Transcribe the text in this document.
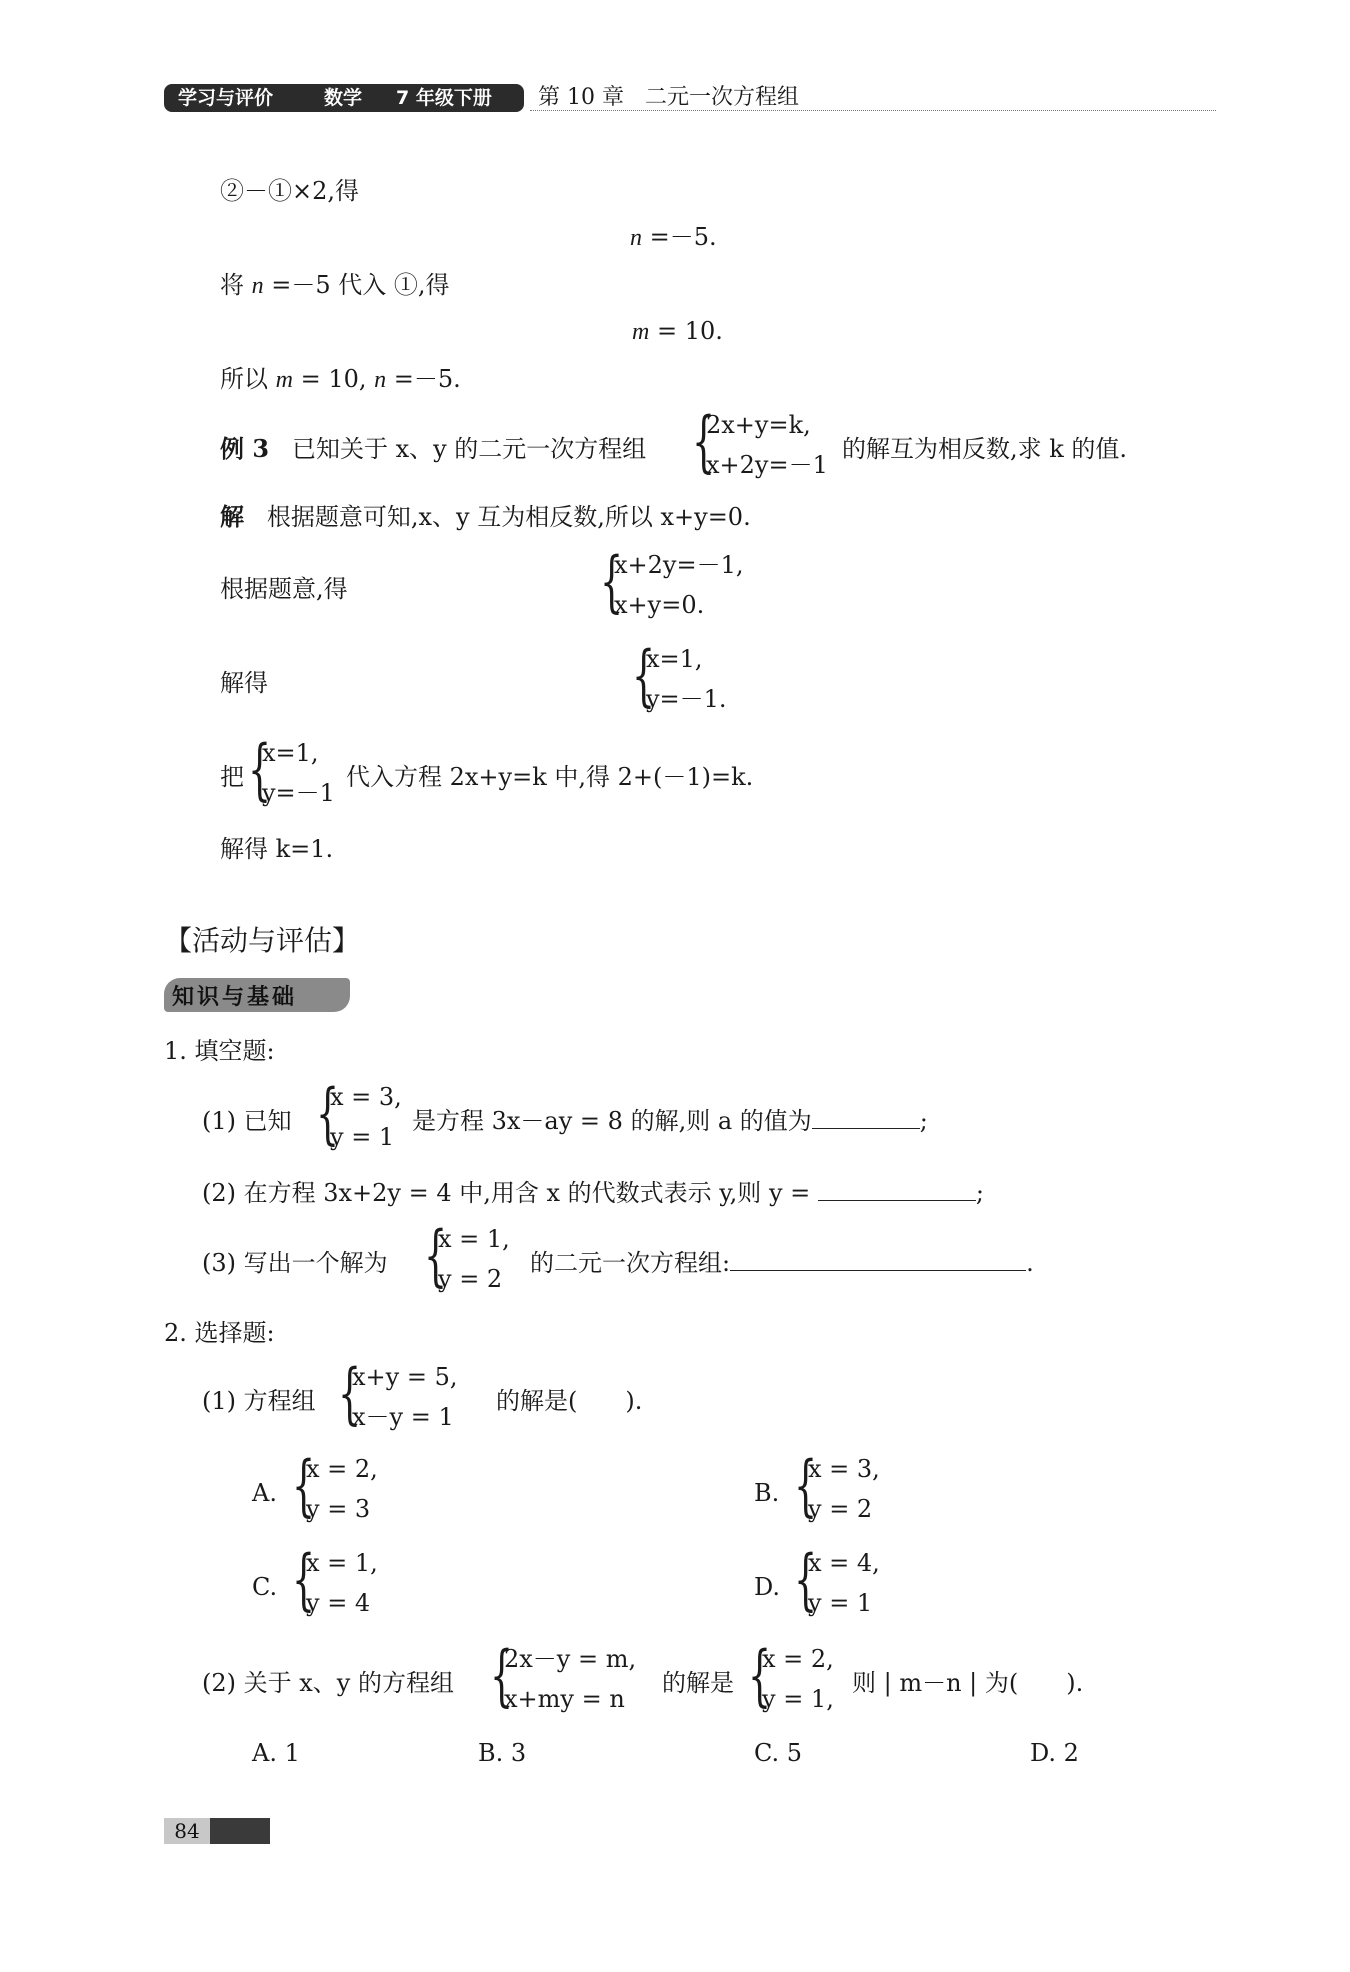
学习与评价	数学 7 年级下册 第 10 章 二元一次方程组
②－①×2,得
n =－5.
将 n =－5 代入 ①,得
m = 10.
所以 m = 10, n =－5.
例 3 已知关于 x、y 的二元一次方程组 {
2x+y=k,
x+2y=－1
的解互为相反数,求 k 的值.
解 根据题意可知,x、y 互为相反数,所以 x+y=0.
根据题意,得	{
x+2y=－1,
x+y=0.
解得	{
x=1,
y=－1.
把 {
x=1,
y=－1
代入方程 2x+y=k 中,得 2+(－1)=k.
解得 k=1.
【活动与评估】
知识与基础
1. 填空题:
(1) 已知 {
x = 3,
y = 1
是方程 3x－ay = 8 的解,则 a 的值为	;
(2) 在方程 3x+2y = 4 中,用含 x 的代数式表示 y,则 y =	;
(3) 写出一个解为 {
x = 1,
y = 2
的二元一次方程组:	.
2. 选择题:
(1) 方程组 {
x+y = 5,
x－y = 1
的解是(　　).
A. {
x = 2,
y = 3
B. {
x = 3,
y = 2
C. {
x = 1,
y = 4
D. {
x = 4,
y = 1
(2) 关于 x、y 的方程组 {
2x－y = m,
x+my = n
的解是 {
x = 2,
y = 1,
则 | m－n | 为(　　).
A. 1	B. 3	C. 5	D. 2
84
